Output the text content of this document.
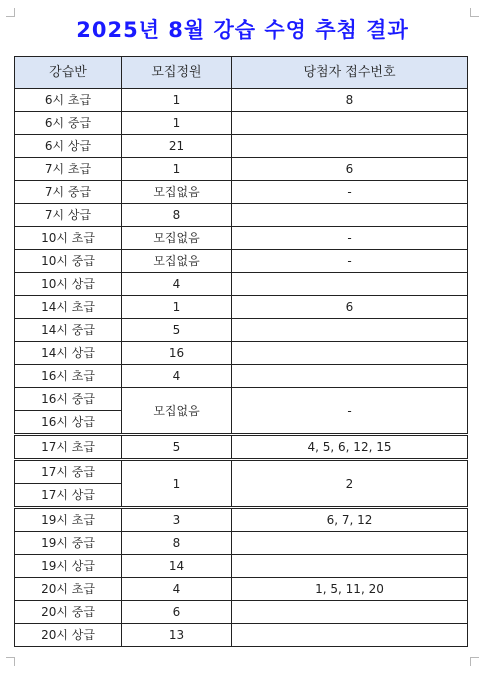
2025년 8월 강습 수영 추첨 결과
강습반	모집정원	당첨자 접수번호
6시 초급	1	8
6시 중급	1	
6시 상급	21	
7시 초급	1	6
7시 중급	모집없음	-
7시 상급	8	
10시 초급	모집없음	-
10시 중급	모집없음	-
10시 상급	4	
14시 초급	1	6
14시 중급	5	
14시 상급	16	
16시 초급	4	
16시 중급	모집없음	-
16시 상급		
17시 초급	5	4, 5, 6, 12, 15
17시 중급	1	2
17시 상급		
19시 초급	3	6, 7, 12
19시 중급	8	
19시 상급	14	
20시 초급	4	1, 5, 11, 20
20시 중급	6	
20시 상급	13	
